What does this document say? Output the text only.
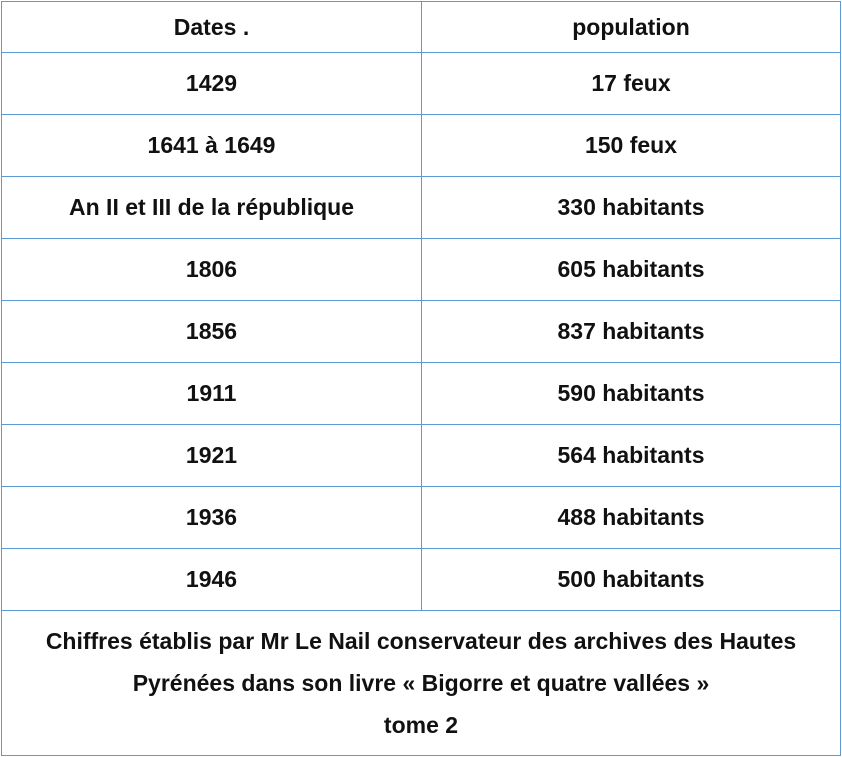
Dates .	population
1429	17 feux
1641 à 1649	150 feux
An II et III de la république	330 habitants
1806	605 habitants
1856	837 habitants
1911	590 habitants
1921	564 habitants
1936	488 habitants
1946	500 habitants

Chiffres établis par Mr Le Nail conservateur des archives des Hautes
Pyrénées dans son livre « Bigorre et quatre vallées »
tome 2	
